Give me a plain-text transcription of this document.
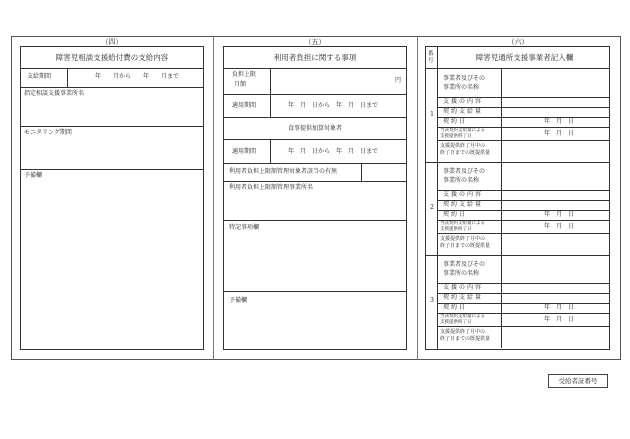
（四）	（五）	（六）
障害児相談支援給付費の支給内容
支給期間	年　　月から　　年　　月まで
指定相談支援事業所名
モニタリング期間
予備欄
利用者負担に関する事項
負担上限
月額
円
適用期間	年　月　日から　年　月　日まで
食事提供加算対象者
適用期間	年　月　日から　年　月　日まで
利用者負担上限額管理対象者該当の有無
利用者負担上限額管理事業所名
特記事項欄
予備欄
番
号	障害児通所支援事業者記入欄
1
事業者及びその
事業所の名称
支援の内容
契約支給量
契約日	年　月　日
当該契約支給量による
支援提供終了日	年　月　日
支援提供終了月中の
終了日までの既提供量
2
事業者及びその
事業所の名称
支援の内容
契約支給量
契約日	年　月　日
当該契約支給量による
支援提供終了日	年　月　日
支援提供終了月中の
終了日までの既提供量
3
事業者及びその
事業所の名称
支援の内容
契約支給量
契約日	年　月　日
当該契約支給量による
支援提供終了日	年　月　日
支援提供終了月中の
終了日までの既提供量
受給者証番号
